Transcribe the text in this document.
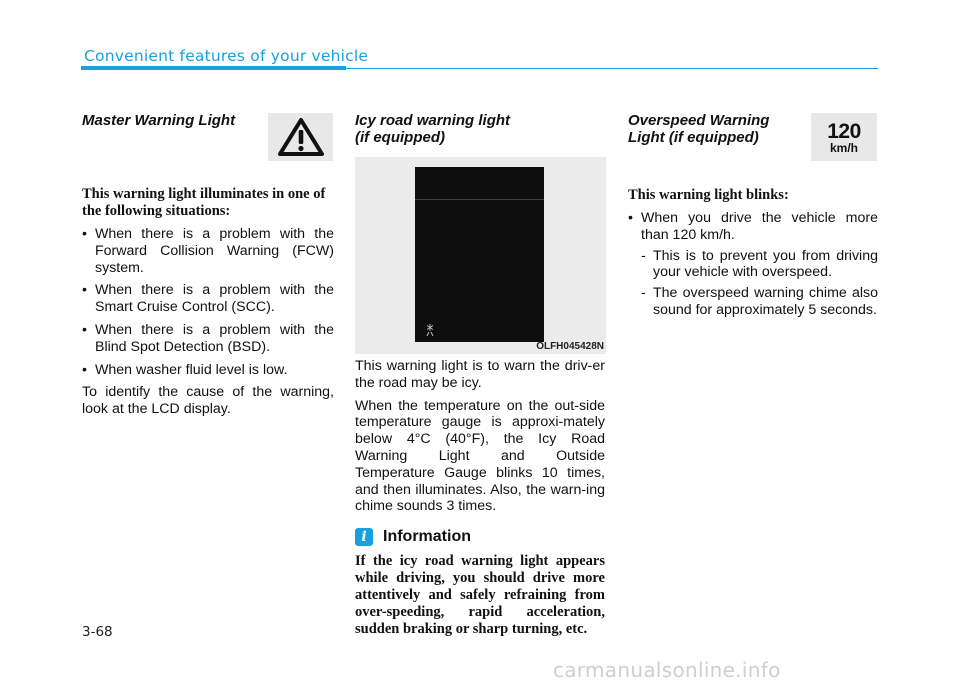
Convenient features of your vehicle

Master Warning Light

This warning light illuminates in one of the following situations:

• When there is a problem with the Forward Collision Warning (FCW) system.
• When there is a problem with the Smart Cruise Control (SCC).
• When there is a problem with the Blind Spot Detection (BSD).
• When washer fluid level is low.

To identify the cause of the warning, look at the LCD display.

Icy road warning light
(if equipped)

OLFH045428N

This warning light is to warn the driv-er the road may be icy.

When the temperature on the out-side temperature gauge is approxi-mately below 4°C (40°F), the Icy Road Warning Light and Outside Temperature Gauge blinks 10 times, and then illuminates. Also, the warn-ing chime sounds 3 times.

i	Information

If the icy road warning light appears while driving, you should drive more attentively and safely refraining from over-speeding, rapid acceleration, sudden braking or sharp turning, etc.

Overspeed Warning
Light (if equipped)	120
km/h

This warning light blinks:

• When you drive the vehicle more than 120 km/h.
- This is to prevent you from driving your vehicle with overspeed.
- The overspeed warning chime also sound for approximately 5 seconds.
3-68
carmanualsonline.info
